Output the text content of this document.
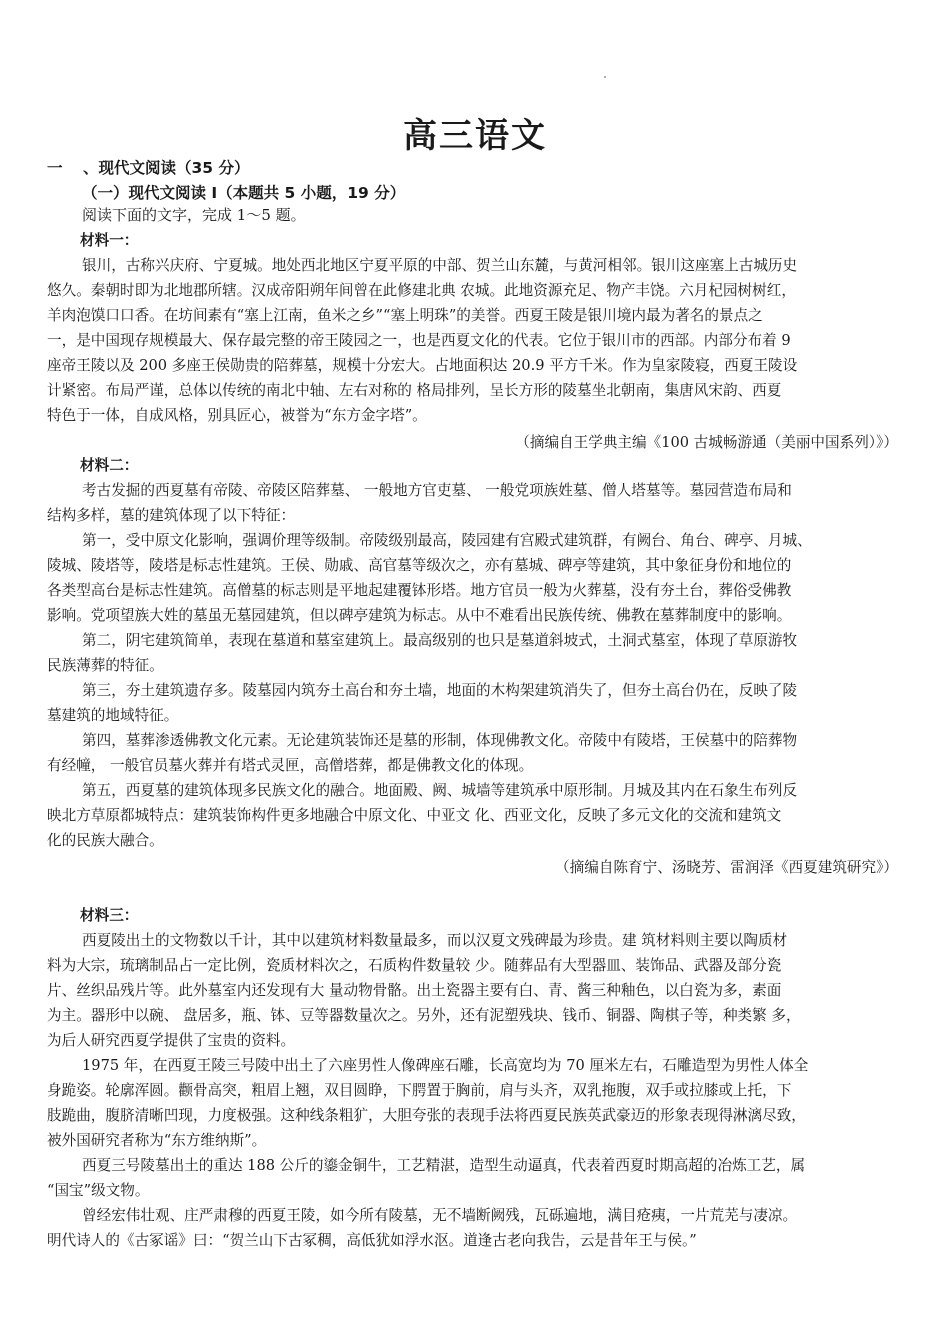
高三语文
一 、现代文阅读（35 分）
（一）现代文阅读 I（本题共 5 小题，19 分）
阅读下面的文字，完成 1～5 题。
材料一：
银川，古称兴庆府、宁夏城。地处西北地区宁夏平原的中部、贺兰山东麓，与黄河相邻。银川这座塞上古城历史
悠久。秦朝时即为北地郡所辖。汉成帝阳朔年间曾在此修建北典 农城。此地资源充足、物产丰饶。六月杞园树树红，
羊肉泡馍口口香。在坊间素有“塞上江南，鱼米之乡”“塞上明珠”的美誉。西夏王陵是银川境内最为著名的景点之
一，是中国现存规模最大、保存最完整的帝王陵园之一，也是西夏文化的代表。它位于银川市的西部。内部分布着 9
座帝王陵以及 200 多座王侯勋贵的陪葬墓，规模十分宏大。占地面积达 20.9 平方千米。作为皇家陵寝，西夏王陵设
计紧密。布局严谨，总体以传统的南北中轴、左右对称的 格局排列，呈长方形的陵墓坐北朝南，集唐风宋韵、西夏
特色于一体，自成风格，别具匠心，被誉为“东方金字塔”。
（摘编自王学典主编《100 古城畅游通（美丽中国系列）》）
材料二：
考古发掘的西夏墓有帝陵、帝陵区陪葬墓、 一般地方官吏墓、 一般党项族姓墓、僧人塔墓等。墓园营造布局和
结构多样，墓的建筑体现了以下特征：
第一，受中原文化影响，强调价理等级制。帝陵级别最高，陵园建有宫殿式建筑群，有阙台、角台、碑亭、月城、
陵城、陵塔等，陵塔是标志性建筑。王侯、勋戚、高官墓等级次之，亦有墓城、碑亭等建筑，其中象征身份和地位的
各类型高台是标志性建筑。高僧墓的标志则是平地起建覆钵形塔。地方官员一般为火葬墓，没有夯土台，葬俗受佛教
影响。党项望族大姓的墓虽无墓园建筑，但以碑亭建筑为标志。从中不难看出民族传统、佛教在墓葬制度中的影响。
第二，阴宅建筑简单，表现在墓道和墓室建筑上。最高级别的也只是墓道斜坡式，土洞式墓室，体现了草原游牧
民族薄葬的特征。
第三，夯土建筑遗存多。陵墓园内筑夯土高台和夯土墙，地面的木构架建筑消失了，但夯土高台仍在，反映了陵
墓建筑的地域特征。
第四，墓葬渗透佛教文化元素。无论建筑装饰还是墓的形制，体现佛教文化。帝陵中有陵塔，王侯墓中的陪葬物
有经幢， 一般官员墓火葬并有塔式灵匣，高僧塔葬，都是佛教文化的体现。
第五，西夏墓的建筑体现多民族文化的融合。地面殿、阙、城墙等建筑承中原形制。月城及其内在石象生布列反
映北方草原都城特点：建筑装饰构件更多地融合中原文化、中亚文 化、西亚文化，反映了多元文化的交流和建筑文
化的民族大融合。
（摘编自陈育宁、汤晓芳、雷润泽《西夏建筑研究》）
材料三：
西夏陵出土的文物数以千计，其中以建筑材料数量最多，而以汉夏文残碑最为珍贵。建 筑材料则主要以陶质材
料为大宗，琉璃制品占一定比例，瓷质材料次之，石质构件数量较 少。随葬品有大型器皿、装饰品、武器及部分瓷
片、丝织品残片等。此外墓室内还发现有大 量动物骨骼。出土瓷器主要有白、青、酱三种釉色，以白瓷为多，素面
为主。器形中以碗、 盘居多，瓶、钵、豆等器数量次之。另外，还有泥塑残块、钱币、铜器、陶棋子等，种类繁 多，
为后人研究西夏学提供了宝贵的资料。
1975 年，在西夏王陵三号陵中出土了六座男性人像碑座石雕，长高宽均为 70 厘米左右，石雕造型为男性人体全
身跪姿。轮廓浑圆。颧骨高突，粗眉上翘，双目圆睁，下腭置于胸前，肩与头齐，双乳拖腹，双手或拉膝或上托，下
肢跪曲，腹脐清晰凹现，力度极强。这种线条粗犷，大胆夸张的表现手法将西夏民族英武豪迈的形象表现得淋漓尽致，
被外国研究者称为“东方维纳斯”。
西夏三号陵墓出土的重达 188 公斤的鎏金铜牛，工艺精湛，造型生动逼真，代表着西夏时期高超的冶炼工艺，属
“国宝”级文物。
曾经宏伟壮观、庄严肃穆的西夏王陵，如今所有陵墓，无不墙断阙残，瓦砾遍地，满目疮痍，一片荒芜与凄凉。
明代诗人的《古冢谣》曰：“贺兰山下古冢稠，高低犹如浮水沤。道逢古老向我告，云是昔年王与侯。”
